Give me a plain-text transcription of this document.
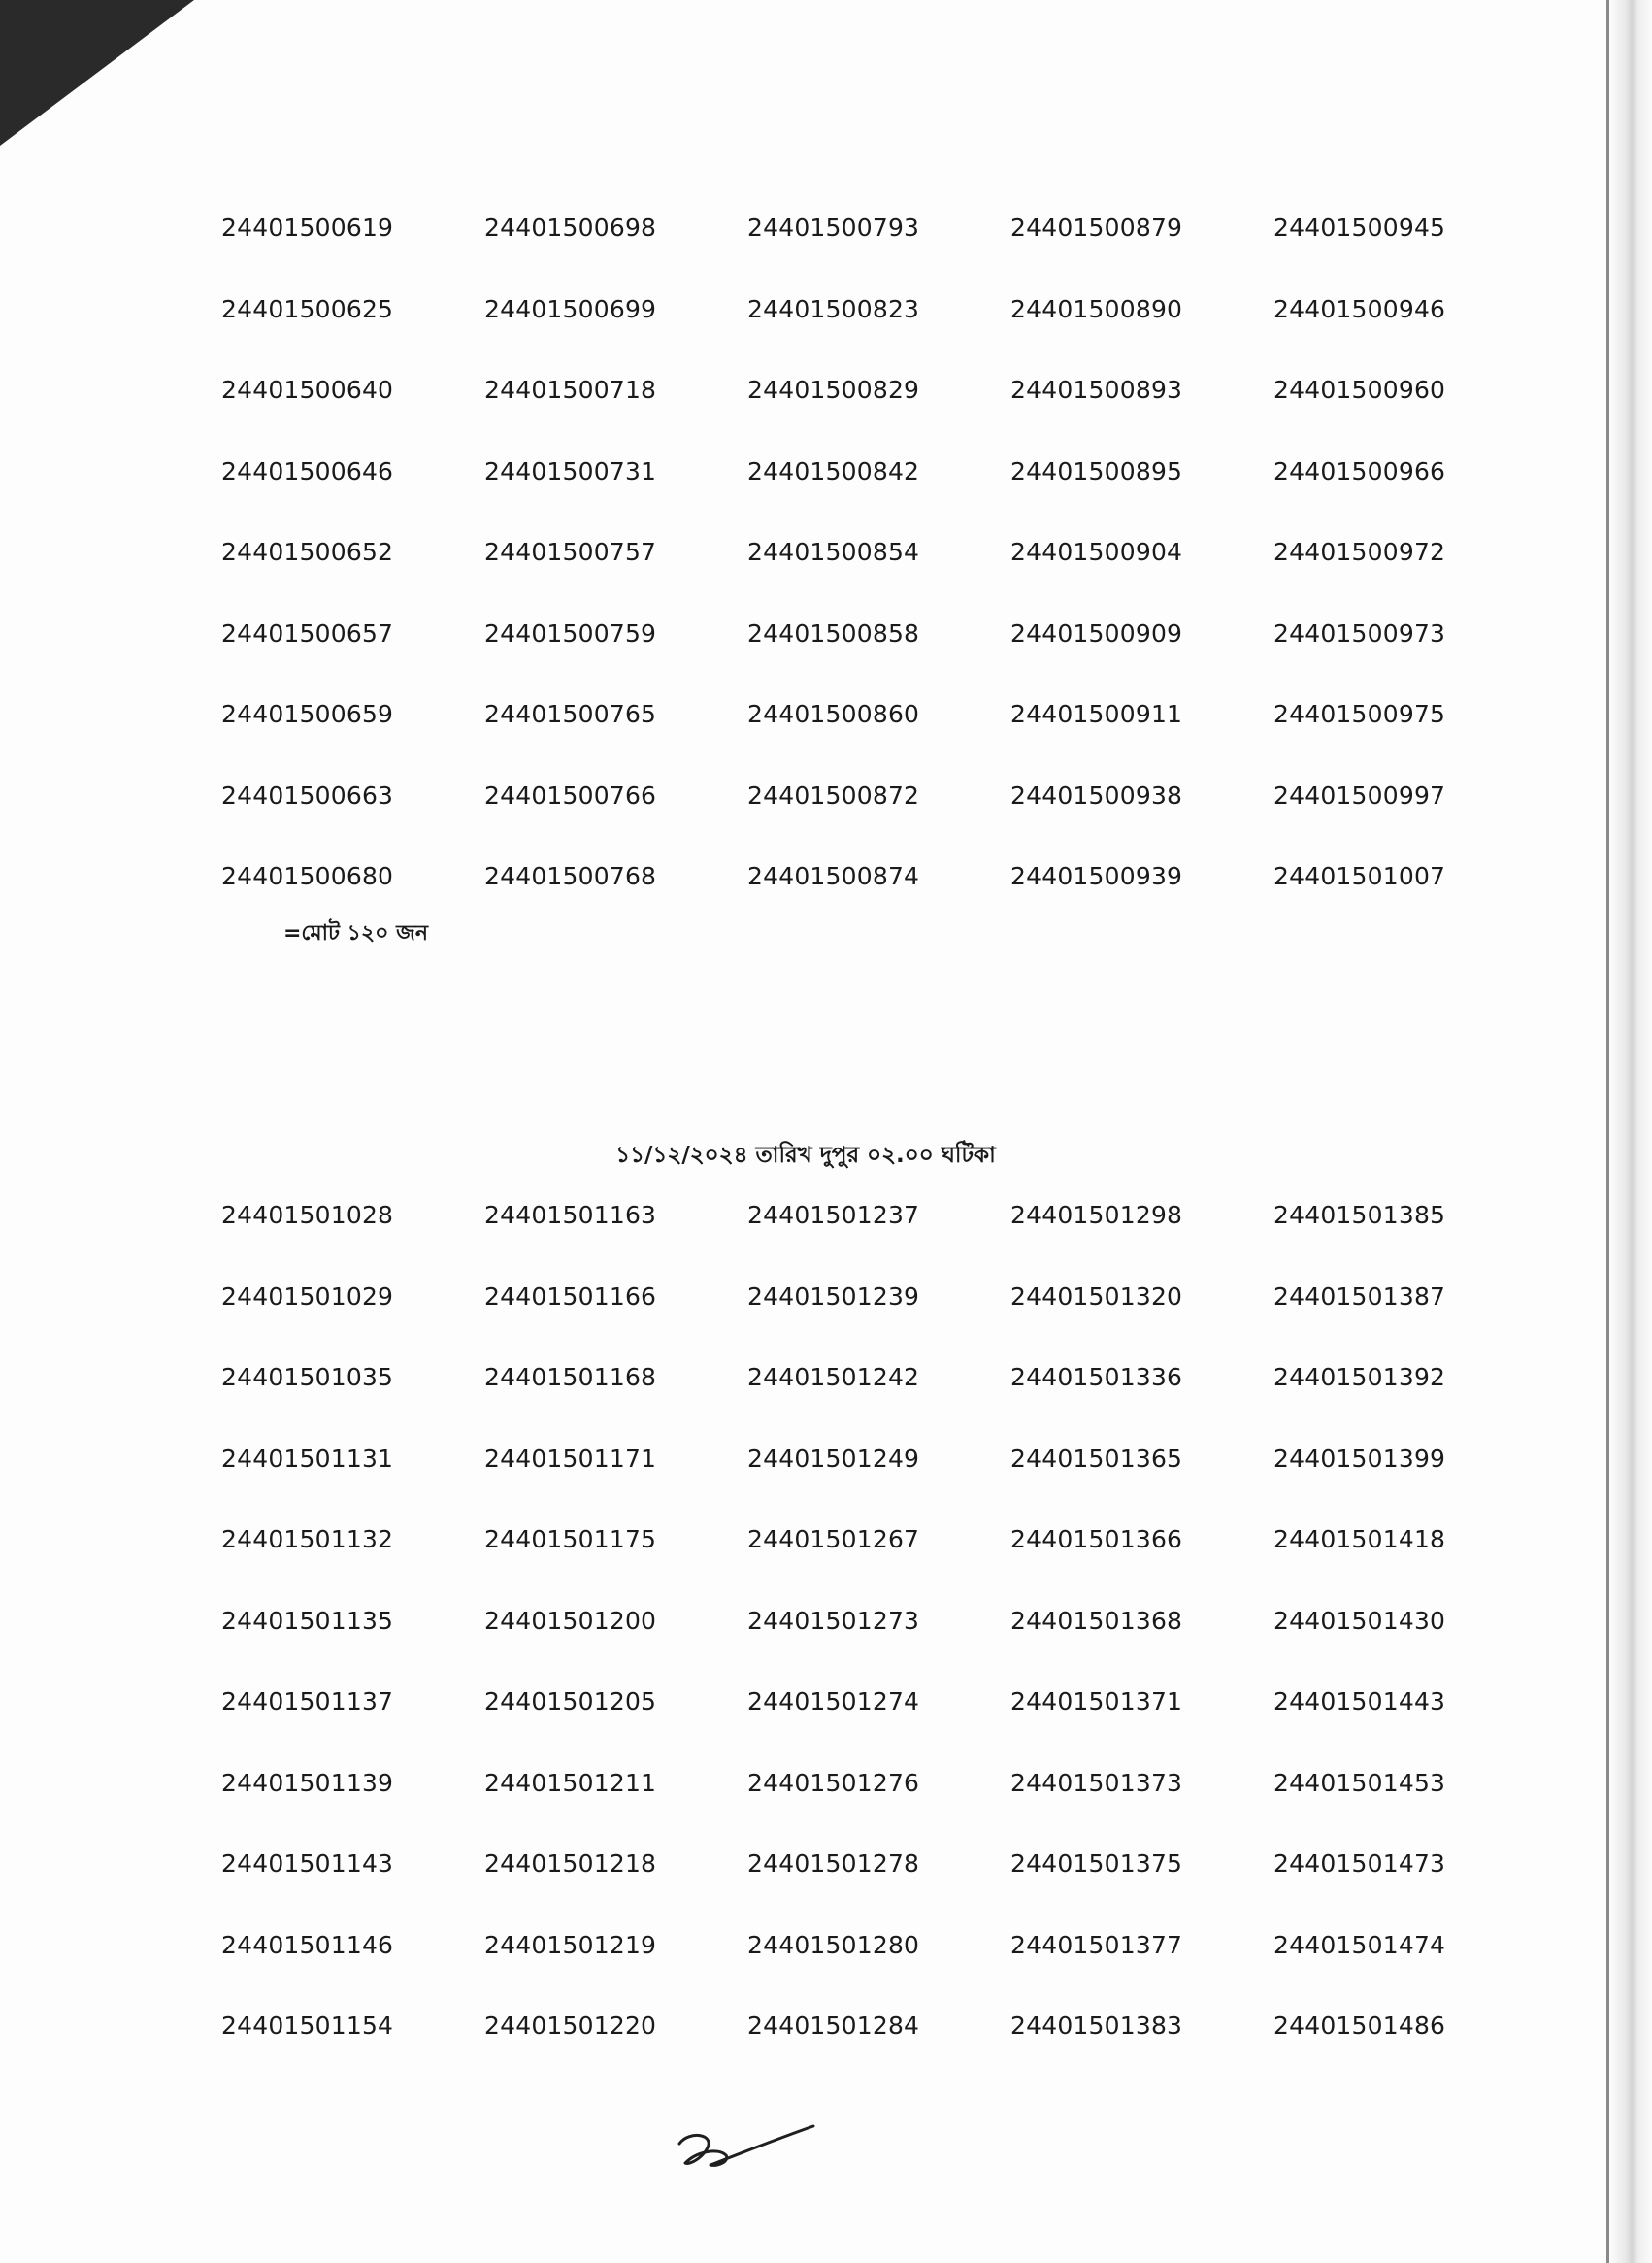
24401500619	24401500698	24401500793	24401500879	24401500945
24401500625	24401500699	24401500823	24401500890	24401500946
24401500640	24401500718	24401500829	24401500893	24401500960
24401500646	24401500731	24401500842	24401500895	24401500966
24401500652	24401500757	24401500854	24401500904	24401500972
24401500657	24401500759	24401500858	24401500909	24401500973
24401500659	24401500765	24401500860	24401500911	24401500975
24401500663	24401500766	24401500872	24401500938	24401500997
24401500680	24401500768	24401500874	24401500939	24401501007
=মোট ১২০ জন
১১/১২/২০২৪ তারিখ দুপুর ০২.০০ ঘটিকা
24401501028	24401501163	24401501237	24401501298	24401501385
24401501029	24401501166	24401501239	24401501320	24401501387
24401501035	24401501168	24401501242	24401501336	24401501392
24401501131	24401501171	24401501249	24401501365	24401501399
24401501132	24401501175	24401501267	24401501366	24401501418
24401501135	24401501200	24401501273	24401501368	24401501430
24401501137	24401501205	24401501274	24401501371	24401501443
24401501139	24401501211	24401501276	24401501373	24401501453
24401501143	24401501218	24401501278	24401501375	24401501473
24401501146	24401501219	24401501280	24401501377	24401501474
24401501154	24401501220	24401501284	24401501383	24401501486
